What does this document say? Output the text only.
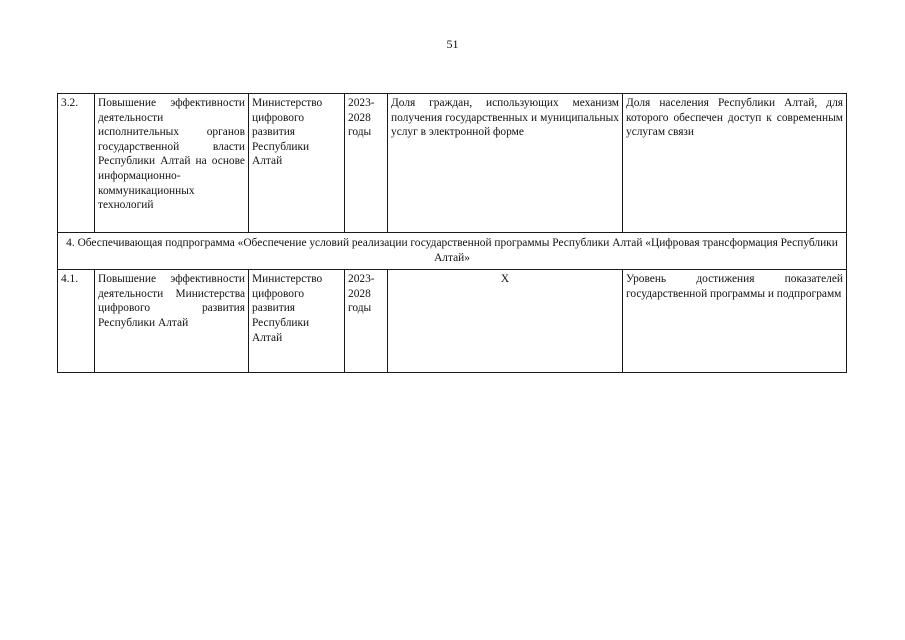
51
3.2.	Повышение эффективности деятельности исполнительных органов государственной власти Республики Алтай на основе информационно-коммуникационных технологий	Министерство цифрового развития Республики Алтай	2023-2028 годы	Доля граждан, использующих механизм получения государственных и муниципальных услуг в электронной форме	Доля населения Республики Алтай, для которого обеспечен доступ к современным услугам связи
4. Обеспечивающая подпрограмма «Обеспечение условий реализации государственной программы Республики Алтай «Цифровая трансформация Республики Алтай»					
4.1.	Повышение эффективности деятельности Министерства цифрового развития Республики Алтай	Министерство цифрового развития Республики Алтай	2023-2028 годы	X	Уровень достижения показателей государственной программы и подпрограмм
